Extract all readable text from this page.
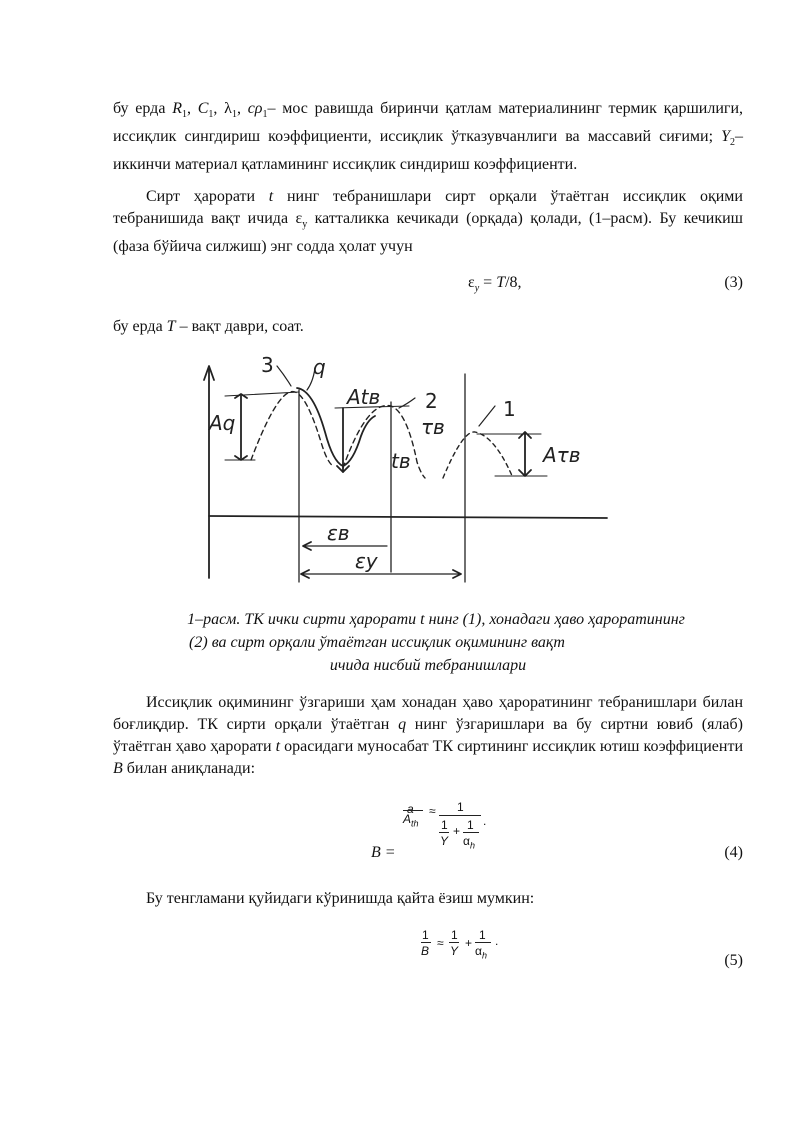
бу ерда $R_1$, $C_1$, $\lambda_1$, $c\rho_1-$ мос равишда биринчи қатлам материалининг термик қаршилиги, иссиқлик сингдириш коэффициенти, иссиқлик ўтказувчанлиги ва массавий сиғими; $Y_2-$ иккинчи материал қатламининг иссиқлик синдириш коэффициенти.

Сирт ҳарорати t нинг тебранишлари сирт орқали ўтаётган иссиқлик оқими тебранишида вақт ичида $\varepsilon_у$ катталикка кечикади (орқада) қолади, (1–расм). Бу кечикиш (фаза бўйича силжиш) энг содда ҳолат учун

$\varepsilon_y = T/8$,	(3)

бу ерда T – вақт даври, соат.

3 q
Atв 2	1
Aq	τв
tв	Aτв
εв
εy
1–расм. ТК ички сирти ҳарорати t нинг (1), хонадаги ҳаво ҳароратининг
(2) ва сирт орқали ўтаётган иссиқлик оқимининг вақт
ичида нисбий тебранишлари

Иссиқлик оқимининг ўзгариши ҳам хонадан ҳаво ҳароратининг тебранишлари билан боғлиқдир. ТК сирти орқали ўтаётган q нинг ўзгаришлари ва бу сиртни ювиб (ялаб) ўтаётган ҳаво ҳарорати t орасидаги муносабат ТК сиртининг иссиқлик ютиш коэффициенти B билан аниқланади:

B =
a
$A_{th}$
≈ 1
1
Y
+ 1
$\alpha_h$
.
(4)

Бу тенгламани қуйидаги кўринишда қайта ёзиш мумкин:

1
B
≈
1
Y
+
1
$\alpha_h$
.
(5)
